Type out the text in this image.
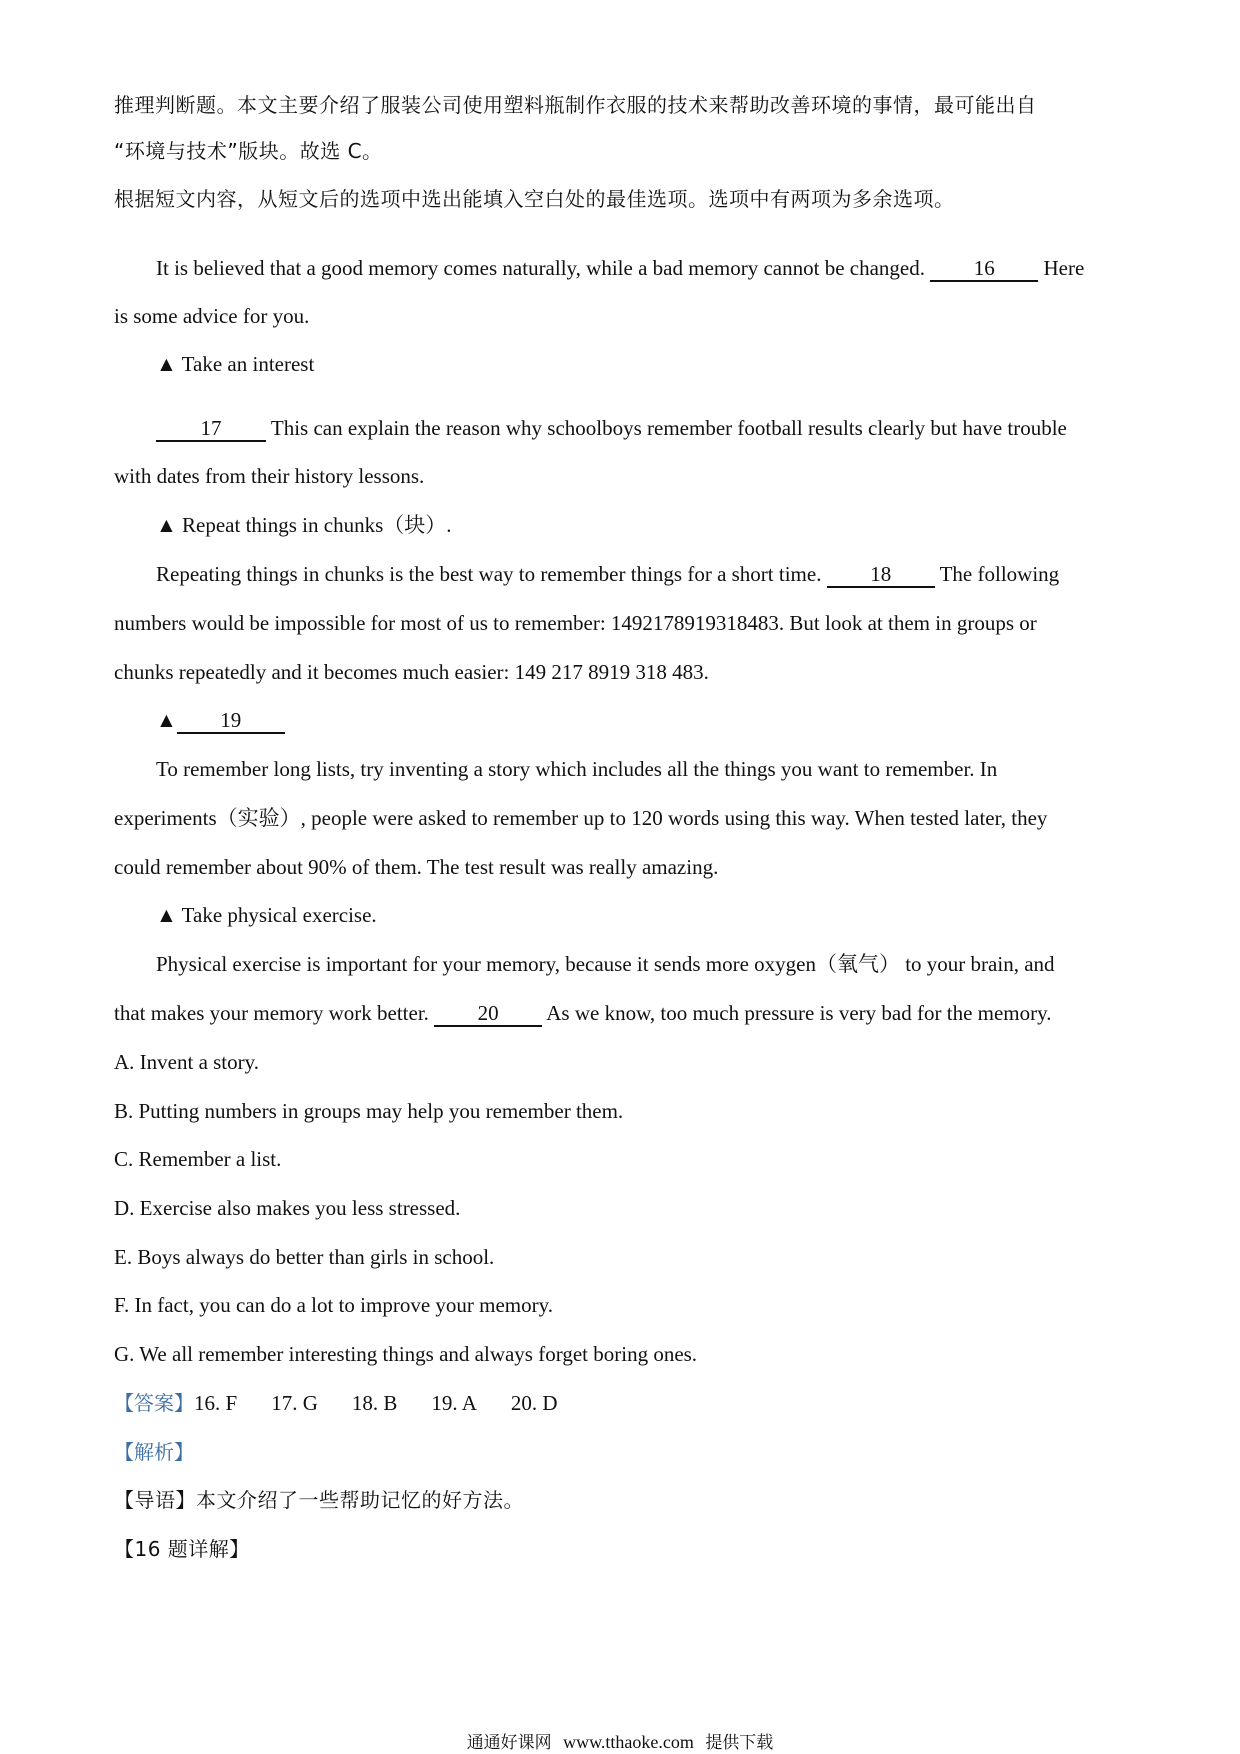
推理判断题。本文主要介绍了服装公司使用塑料瓶制作衣服的技术来帮助改善环境的事情，最可能出自
“环境与技术”版块。故选 C。
根据短文内容，从短文后的选项中选出能填入空白处的最佳选项。选项中有两项为多余选项。
It is believed that a good memory comes naturally, while a bad memory cannot be changed. 16 Here
is some advice for you.
▲ Take an interest
17 This can explain the reason why schoolboys remember football results clearly but have trouble
with dates from their history lessons.
▲ Repeat things in chunks（块）.
Repeating things in chunks is the best way to remember things for a short time. 18 The following
numbers would be impossible for most of us to remember: 1492178919318483. But look at them in groups or
chunks repeatedly and it becomes much easier: 149 217 8919 318 483.
▲ 19
To remember long lists, try inventing a story which includes all the things you want to remember. In
experiments（实验）, people were asked to remember up to 120 words using this way. When tested later, they
could remember about 90% of them. The test result was really amazing.
▲ Take physical exercise.
Physical exercise is important for your memory, because it sends more oxygen（氧气） to your brain, and
that makes your memory work better. 20 As we know, too much pressure is very bad for the memory.
A. Invent a story.
B. Putting numbers in groups may help you remember them.
C. Remember a list.
D. Exercise also makes you less stressed.
E. Boys always do better than girls in school.
F. In fact, you can do a lot to improve your memory.
G. We all remember interesting things and always forget boring ones.
【答案】16. F 17. G 18. B 19. A 20. D
【解析】
【导语】本文介绍了一些帮助记忆的好方法。
【16 题详解】
通通好课网 www.tthaoke.com 提供下载
